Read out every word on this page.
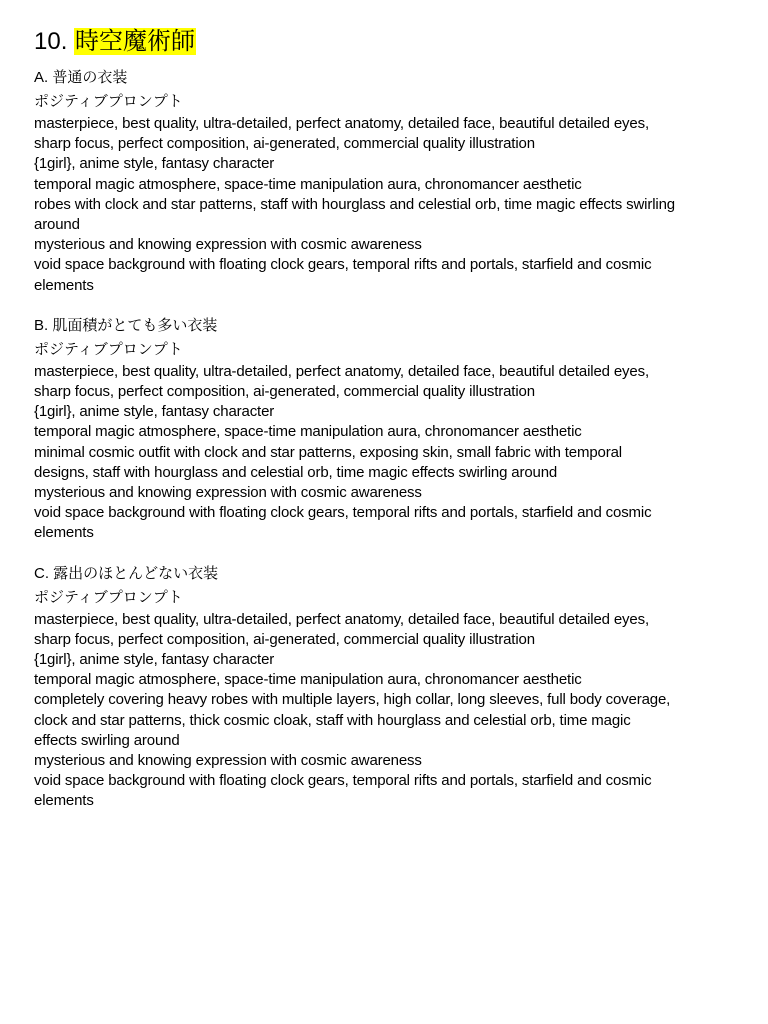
10. 時空魔術師
A. 普通の衣装
ポジティブプロンプト

masterpiece, best quality, ultra-detailed, perfect anatomy, detailed face, beautiful detailed eyes,

sharp focus, perfect composition, ai-generated, commercial quality illustration

{1girl}, anime style, fantasy character

temporal magic atmosphere, space-time manipulation aura, chronomancer aesthetic

robes with clock and star patterns, staff with hourglass and celestial orb, time magic effects swirling

around

mysterious and knowing expression with cosmic awareness

void space background with floating clock gears, temporal rifts and portals, starfield and cosmic

elements

B. 肌面積がとても多い衣装
ポジティブプロンプト

masterpiece, best quality, ultra-detailed, perfect anatomy, detailed face, beautiful detailed eyes,

sharp focus, perfect composition, ai-generated, commercial quality illustration

{1girl}, anime style, fantasy character

temporal magic atmosphere, space-time manipulation aura, chronomancer aesthetic

minimal cosmic outfit with clock and star patterns, exposing skin, small fabric with temporal

designs, staff with hourglass and celestial orb, time magic effects swirling around

mysterious and knowing expression with cosmic awareness

void space background with floating clock gears, temporal rifts and portals, starfield and cosmic

elements

C. 露出のほとんどない衣装
ポジティブプロンプト

masterpiece, best quality, ultra-detailed, perfect anatomy, detailed face, beautiful detailed eyes,

sharp focus, perfect composition, ai-generated, commercial quality illustration

{1girl}, anime style, fantasy character

temporal magic atmosphere, space-time manipulation aura, chronomancer aesthetic

completely covering heavy robes with multiple layers, high collar, long sleeves, full body coverage,

clock and star patterns, thick cosmic cloak, staff with hourglass and celestial orb, time magic

effects swirling around

mysterious and knowing expression with cosmic awareness

void space background with floating clock gears, temporal rifts and portals, starfield and cosmic

elements
